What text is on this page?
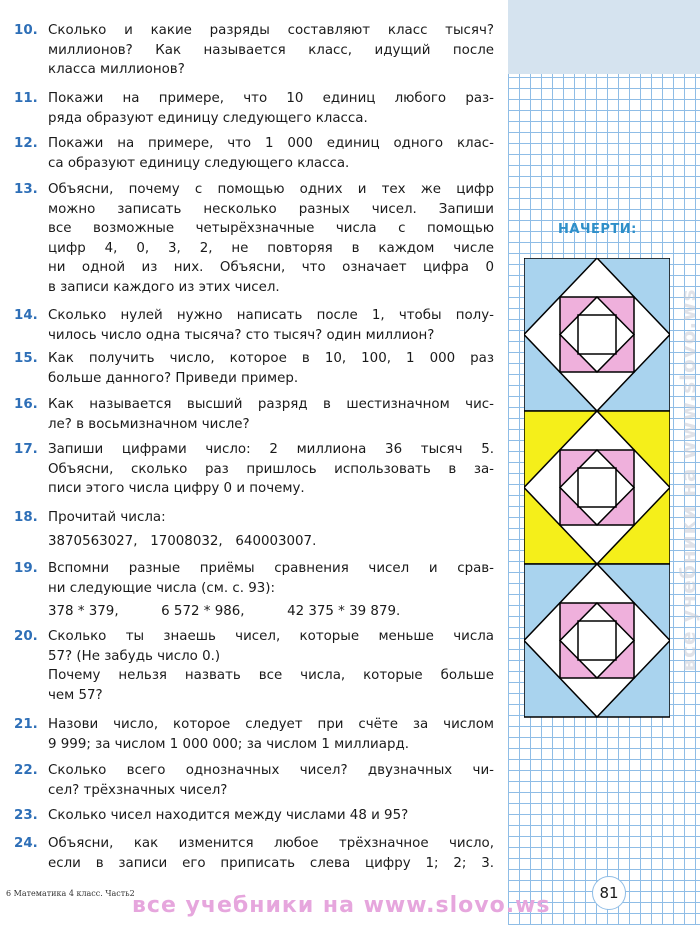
10. Сколько и какие разряды составляют класс тысяч?
миллионов? Как называется класс, идущий после
класса миллионов?
11. Покажи на примере, что 10 единиц любого раз-
ряда образуют единицу следующего класса.
12. Покажи на примере, что 1 000 единиц одного клас-
са образуют единицу следующего класса.
13. Объясни, почему с помощью одних и тех же цифр
можно записать несколько разных чисел. Запиши
все возможные четырёхзначные числа с помощью
цифр 4, 0, 3, 2, не повторяя в каждом числе
ни одной из них. Объясни, что означает цифра 0
в записи каждого из этих чисел.
14. Сколько нулей нужно написать после 1, чтобы полу-
чилось число одна тысяча? сто тысяч? один миллион?
15. Как получить число, которое в 10, 100, 1 000 раз
больше данного? Приведи пример.
16. Как называется высший разряд в шестизначном чис-
ле? в восьмизначном числе?
17. Запиши цифрами число: 2 миллиона 36 тысяч 5.
Объясни, сколько раз пришлось использовать в за-
писи этого числа цифру 0 и почему.
18. Прочитай числа:
3870563027,   17008032,   640003007.
19. Вспомни разные приёмы сравнения чисел и срав-
ни следующие числа (см. с. 93):
378 * 379,          6 572 * 986,          42 375 * 39 879.
20. Сколько ты знаешь чисел, которые меньше числа
57? (Не забудь число 0.)
Почему нельзя назвать все числа, которые больше
чем 57?
21. Назови число, которое следует при счёте за числом
9 999; за числом 1 000 000; за числом 1 миллиард.
22. Сколько всего однозначных чисел? двузначных чи-
сел? трёхзначных чисел?
23. Сколько чисел находится между числами 48 и 95?
24. Объясни, как изменится любое трёхзначное число,
если в записи его приписать слева цифру 1; 2; 3.
НАЧЕРТИ:
все учебники на www.slovo.ws
6 Математика 4 класс. Часть2
все учебники на www.slovo.ws	81
